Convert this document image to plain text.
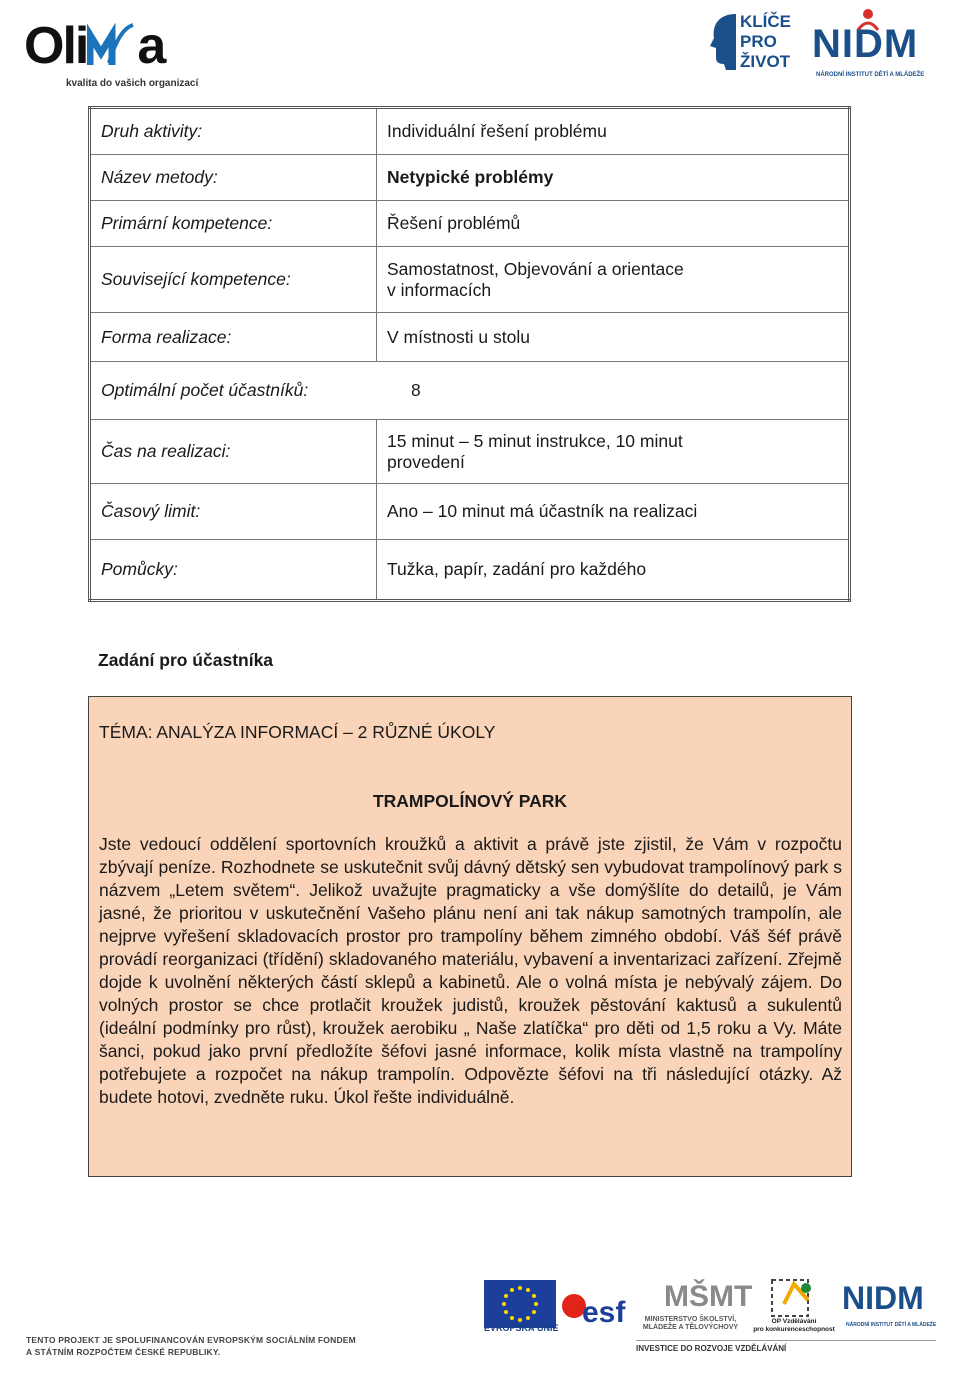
Oli a
kvalita do vašich organizací
KLÍČE
PRO
ŽIVOT NIDM
NÁRODNÍ INSTITUT DĚTÍ A MLÁDEŽE
Druh aktivity:	Individuální řešení problému
Název metody:	Netypické problémy
Primární kompetence:	Řešení problémů
Související kompetence:	Samostatnost, Objevování a orientace
v informacích

Forma realizace:	V místnosti u stolu

Optimální počet účastníků: 8	

Čas na realizaci:	15 minut – 5 minut instrukce, 10 minut
provedení

Časový limit:	Ano – 10 minut má účastník na realizaci
Pomůcky:	Tužka, papír, zadání pro každého
Zadání pro účastníka
TÉMA: ANALÝZA INFORMACÍ – 2 RŮZNÉ ÚKOLY
TRAMPOLÍNOVÝ PARK
Jste vedoucí oddělení sportovních kroužků a aktivit a právě jste zjistil, že Vám v rozpočtu zbývají peníze. Rozhodnete se uskutečnit svůj dávný dětský sen vybudovat trampolínový park s názvem „Letem světem“. Jelikož uvažujte pragmaticky a vše domýšlíte do detailů, je Vám jasné, že prioritou v uskutečnění Vašeho plánu není ani tak nákup samotných trampolín, ale nejprve vyřešení skladovacích prostor pro trampolíny během zimného období. Váš šéf právě provádí reorganizaci (třídění) skladovaného materiálu, vybavení a inventarizaci zařízení. Zřejmě dojde k uvolnění některých částí sklepů a kabinetů. Ale o volná místa je nebývalý zájem. Do volných prostor se chce protlačit kroužek judistů, kroužek pěstování kaktusů a sukulentů (ideální podmínky pro růst), kroužek aerobiku „ Naše zlatíčka“ pro děti od 1,5 roku a Vy. Máte šanci, pokud jako první předložíte šéfovi jasné informace, kolik místa vlastně na trampolíny potřebujete a rozpočet na nákup trampolín. Odpovězte šéfovi na tři následující otázky. Až budete hotovi, zvedněte ruku. Úkol řešte individuálně.
EVROPSKÁ UNIE esf MŠMT
MINISTERSTVO ŠKOLSTVÍ,
MLÁDEŽE A TĚLOVÝCHOVY
OP Vzdělávání
pro konkurenceschopnost
NIDM
NÁRODNÍ INSTITUT DĚTÍ A MLÁDEŽE
TENTO PROJEKT JE SPOLUFINANCOVÁN EVROPSKÝM SOCIÁLNÍM FONDEM
A STÁTNÍM ROZPOČTEM ČESKÉ REPUBLIKY.	INVESTICE DO ROZVOJE VZDĚLÁVÁNÍ
